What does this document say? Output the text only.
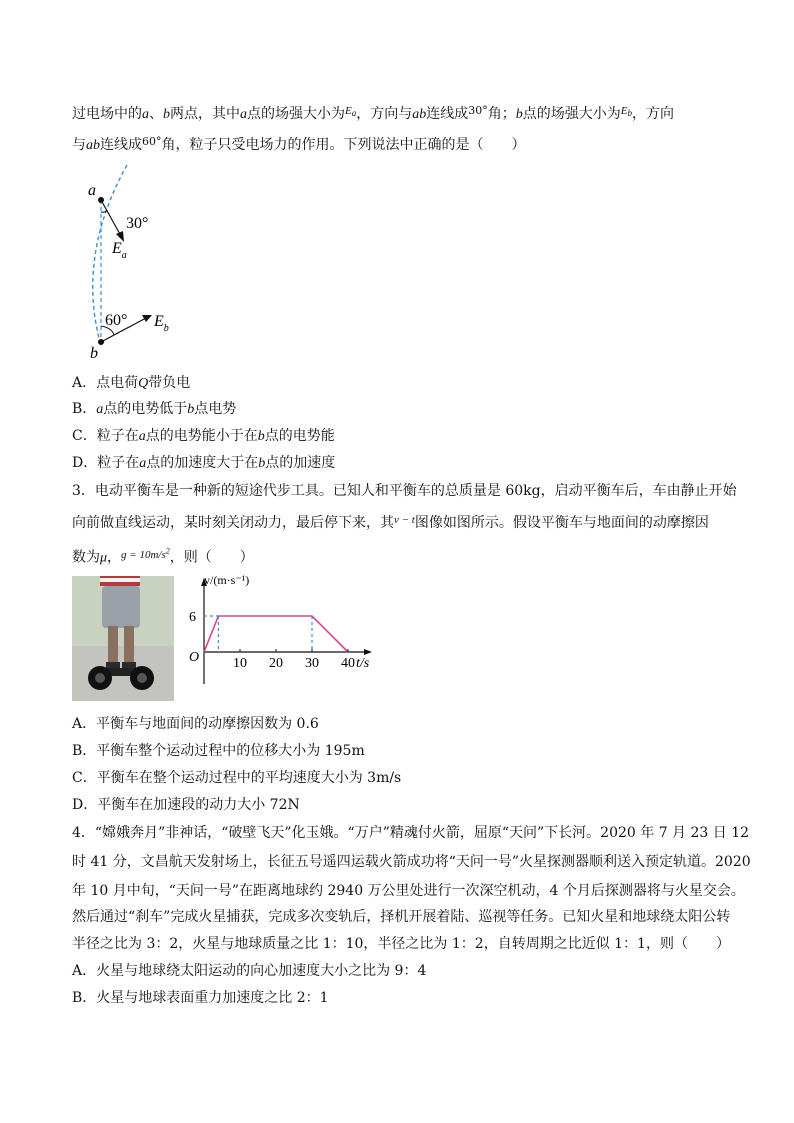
过电场中的a、b两点，其中a点的场强大小为$^{E_a}$，方向与ab连线成$^{30^\circ}$角；b点的场强大小为$^{E_b}$，方向
与ab连线成$^{60^\circ}$角，粒子只受电场力的作用。下列说法中正确的是（　　）
a
b
30°
60°
$E_a$
$E_b$
A．点电荷Q带负电
B．a点的电势低于b点电势
C．粒子在a点的电势能小于在b点的电势能
D．粒子在a点的加速度大于在b点的加速度
3．电动平衡车是一种新的短途代步工具。已知人和平衡车的总质量是 60kg，启动平衡车后，车由静止开始
向前做直线运动，某时刻关闭动力，最后停下来，其$^{v - t}$图像如图所示。假设平衡车与地面间的动摩擦因
数为μ，$^{g = 10m/s^2}$，则（　　）
v/(m·s⁻¹)
t/s
O 10 20 30 40
6
A．平衡车与地面间的动摩擦因数为 0.6
B．平衡车整个运动过程中的位移大小为 195m
C．平衡车在整个运动过程中的平均速度大小为 3m/s
D．平衡车在加速段的动力大小 72N
4．“嫦娥奔月”非神话，“破壁飞天”化玉娥。“万户”精魂付火箭，屈原“天问”下长河。2020 年 7 月 23 日 12
时 41 分，文昌航天发射场上，长征五号遥四运载火箭成功将“天问一号”火星探测器顺利送入预定轨道。2020
年 10 月中旬，“天问一号”在距离地球约 2940 万公里处进行一次深空机动，4 个月后探测器将与火星交会。
然后通过“刹车”完成火星捕获，完成多次变轨后，择机开展着陆、巡视等任务。已知火星和地球绕太阳公转
半径之比为 3：2，火星与地球质量之比 1：10，半径之比为 1：2，自转周期之比近似 1：1，则（　　）
A．火星与地球绕太阳运动的向心加速度大小之比为 9：4
B．火星与地球表面重力加速度之比 2：1
